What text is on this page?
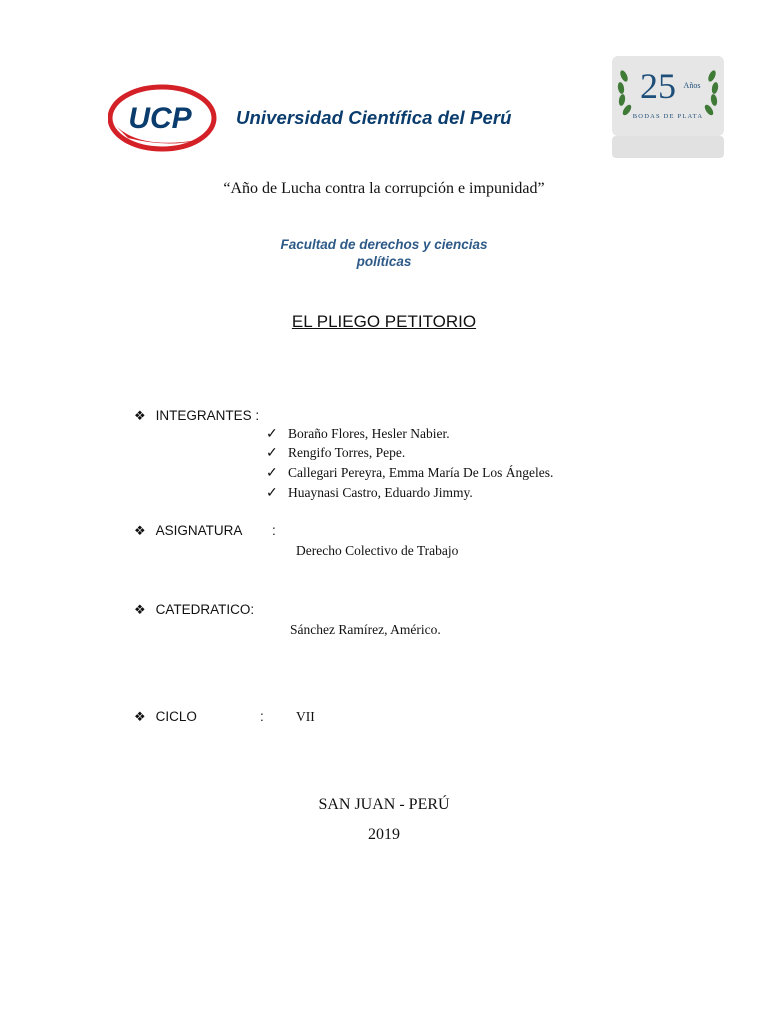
UCP Universidad Científica del Perú
25 Años
BODAS DE PLATA
“Año de Lucha contra la corrupción e impunidad”
Facultad de derechos y ciencias
políticas
EL PLIEGO PETITORIO
❖ INTEGRANTES :
✓ Boraño Flores, Hesler Nabier.
✓ Rengifo Torres, Pepe.
✓ Callegari Pereyra, Emma María De Los Ángeles.
✓ Huaynasi Castro, Eduardo Jimmy.
❖ ASIGNATURA :
Derecho Colectivo de Trabajo
❖ CATEDRATICO:
Sánchez Ramírez, Américo.
❖ CICLO	: VII
SAN JUAN - PERÚ
2019
